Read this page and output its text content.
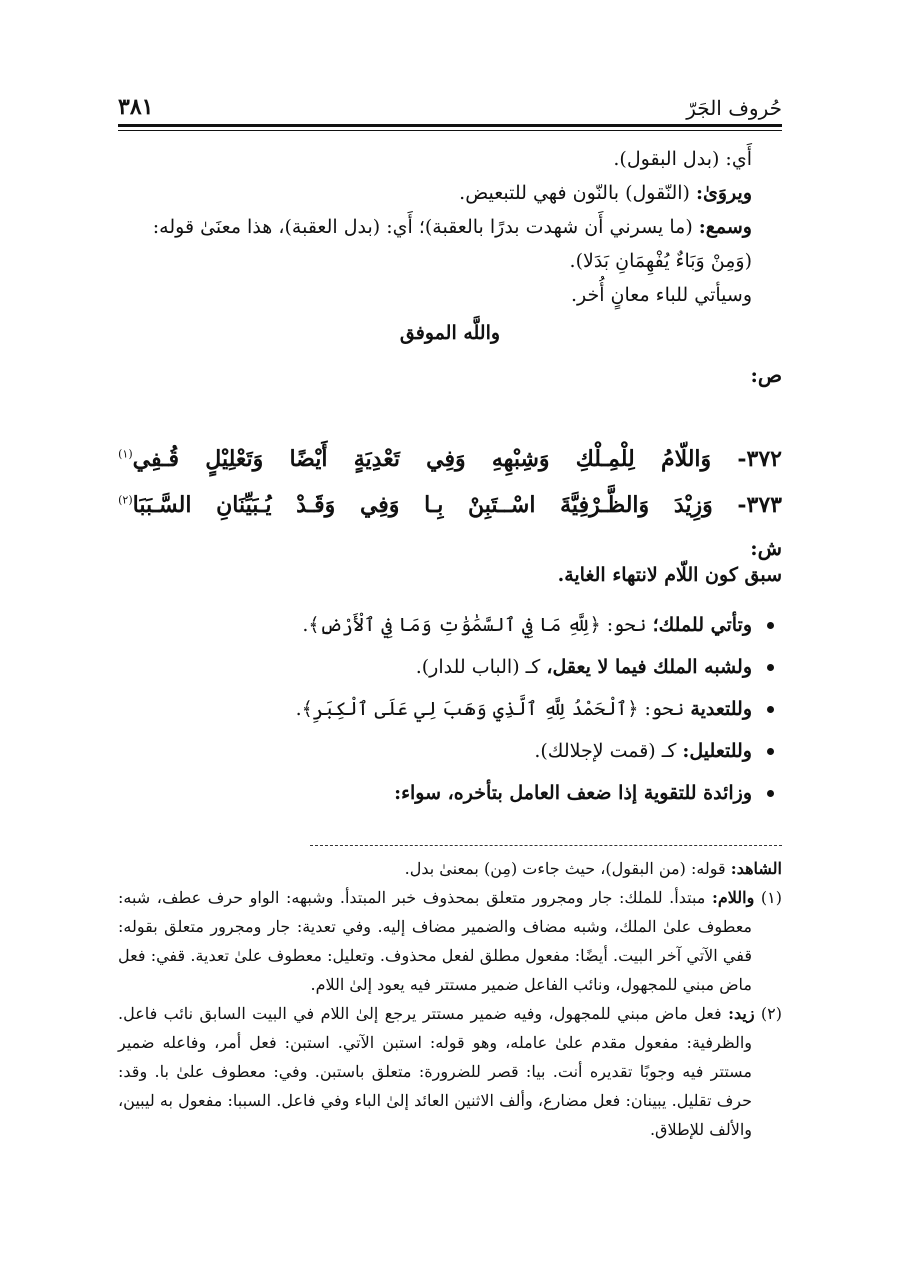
حُروف الجَرّ
٣٨١

أَي: (بدل البقول).

ويروَىٰ: (النّقول) بالنّون فهي للتبعيض.

وسمع: (ما يسرني أَن شهدت بدرًا بالعقبة)؛ أَي: (بدل العقبة)، هذا معنَىٰ قوله: (وَمِنْ وَبَاءٌ يُفْهِمَانِ بَدَلا).

وسيأتي للباء معانٍ أُخر.

واللَّه الموفق

ص:

٣٧٢-
وَاللّامُ
لِلْمِـلْكِ
وَشِبْهِهِ
وَفِي
تَعْدِيَةٍ
أَيْضًا
وَتَعْلِيْلٍ
قُـفِي$^{(١)}$
٣٧٣-
وَزِيْدَ
وَالظَّـرْفِيَّةَ
اسْــتَبِنْ
بِـا
وَفِي
وَقَـدْ
يُـبَيِّنَانِ
السَّـبَبَا$^{(٢)}$
ش:
سبق كون اللّام لانتهاء الغاية.
وتأتي للملك؛ نحو: ﴿لِلَّهِ مَا فِي ٱلسَّمَٰوَٰتِ وَمَا فِي ٱلْأَرْضِ﴾.
ولشبه الملك فيما لا يعقل، كـ (الباب للدار).
وللتعدية نحو: ﴿ٱلْحَمْدُ لِلَّهِ ٱلَّذِي وَهَبَ لِي عَلَى ٱلْكِبَرِ﴾.
وللتعليل: كـ (قمت لإجلالك).
وزائدة للتقوية إذا ضعف العامل بتأخره، سواء:

الشاهد: قوله: (من البقول)، حيث جاءت (مِن) بمعنىٰ بدل.

(١) واللام: مبتدأ. للملك: جار ومجرور متعلق بمحذوف خبر المبتدأ. وشبهه: الواو حرف عطف، شبه: معطوف علىٰ الملك، وشبه مضاف والضمير مضاف إليه. وفي تعدية: جار ومجرور متعلق بقوله: قفي الآتي آخر البيت. أيضًا: مفعول مطلق لفعل محذوف. وتعليل: معطوف علىٰ تعدية. قفي: فعل ماض مبني للمجهول، ونائب الفاعل ضمير مستتر فيه يعود إلىٰ اللام.

(٢) زيد: فعل ماض مبني للمجهول، وفيه ضمير مستتر يرجع إلىٰ اللام في البيت السابق نائب فاعل. والظرفية: مفعول مقدم علىٰ عامله، وهو قوله: استبن الآتي. استبن: فعل أمر، وفاعله ضمير مستتر فيه وجوبًا تقديره أنت. بيا: قصر للضرورة: متعلق باستبن. وفي: معطوف علىٰ با. وقد: حرف تقليل. يبينان: فعل مضارع، وألف الاثنين العائد إلىٰ الباء وفي فاعل. السببا: مفعول به ليبين، والألف للإطلاق.
